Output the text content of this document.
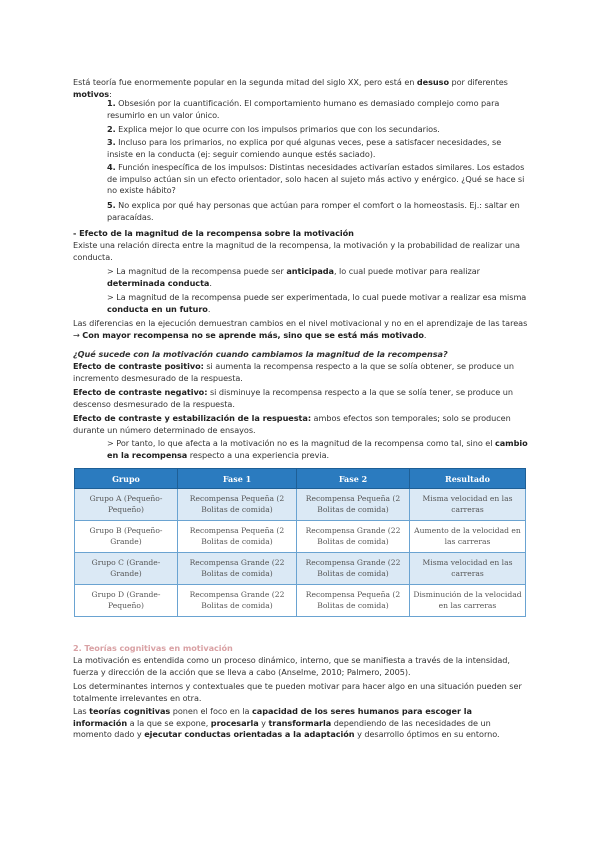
Está teoría fue enormemente popular en la segunda mitad del siglo XX, pero está en desuso por diferentes motivos:
1. Obsesión por la cuantificación. El comportamiento humano es demasiado complejo como para resumirlo en un valor único.
2. Explica mejor lo que ocurre con los impulsos primarios que con los secundarios.
3. Incluso para los primarios, no explica por qué algunas veces, pese a satisfacer necesidades, se insiste en la conducta (ej: seguir comiendo aunque estés saciado).
4. Función inespecífica de los impulsos: Distintas necesidades activarían estados similares. Los estados de impulso actúan sin un efecto orientador, solo hacen al sujeto más activo y enérgico. ¿Qué se hace si no existe hábito?
5. No explica por qué hay personas que actúan para romper el comfort o la homeostasis. Ej.: saltar en paracaídas.
- Efecto de la magnitud de la recompensa sobre la motivación
Existe una relación directa entre la magnitud de la recompensa, la motivación y la probabilidad de realizar una conducta.
> La magnitud de la recompensa puede ser anticipada, lo cual puede motivar para realizar determinada conducta.
> La magnitud de la recompensa puede ser experimentada, lo cual puede motivar a realizar esa misma conducta en un futuro.
Las diferencias en la ejecución demuestran cambios en el nivel motivacional y no en el aprendizaje de las tareas → Con mayor recompensa no se aprende más, sino que se está más motivado.
¿Qué sucede con la motivación cuando cambiamos la magnitud de la recompensa?
Efecto de contraste positivo: si aumenta la recompensa respecto a la que se solía obtener, se produce un incremento desmesurado de la respuesta.
Efecto de contraste negativo: si disminuye la recompensa respecto a la que se solía tener, se produce un descenso desmesurado de la respuesta.
Efecto de contraste y estabilización de la respuesta: ambos efectos son temporales; solo se producen durante un número determinado de ensayos.
> Por tanto, lo que afecta a la motivación no es la magnitud de la recompensa como tal, sino el cambio en la recompensa respecto a una experiencia previa.
Grupo	Fase 1	Fase 2	Resultado
Grupo A (Pequeño-Pequeño)	Recompensa Pequeña (2 Bolitas de comida)	Recompensa Pequeña (2 Bolitas de comida)	Misma velocidad en las carreras
Grupo B (Pequeño-Grande)	Recompensa Pequeña (2 Bolitas de comida)	Recompensa Grande (22 Bolitas de comida)	Aumento de la velocidad en las carreras
Grupo C (Grande-Grande)	Recompensa Grande (22 Bolitas de comida)	Recompensa Grande (22 Bolitas de comida)	Misma velocidad en las carreras
Grupo D (Grande-Pequeño)	Recompensa Grande (22 Bolitas de comida)	Recompensa Pequeña (2 Bolitas de comida)	Disminución de la velocidad en las carreras
2. Teorías cognitivas en motivación
La motivación es entendida como un proceso dinámico, interno, que se manifiesta a través de la intensidad, fuerza y dirección de la acción que se lleva a cabo (Anselme, 2010; Palmero, 2005).
Los determinantes internos y contextuales que te pueden motivar para hacer algo en una situación pueden ser totalmente irrelevantes en otra.
Las teorías cognitivas ponen el foco en la capacidad de los seres humanos para escoger la información a la que se expone, procesarla y transformarla dependiendo de las necesidades de un momento dado y ejecutar conductas orientadas a la adaptación y desarrollo óptimos en su entorno.
